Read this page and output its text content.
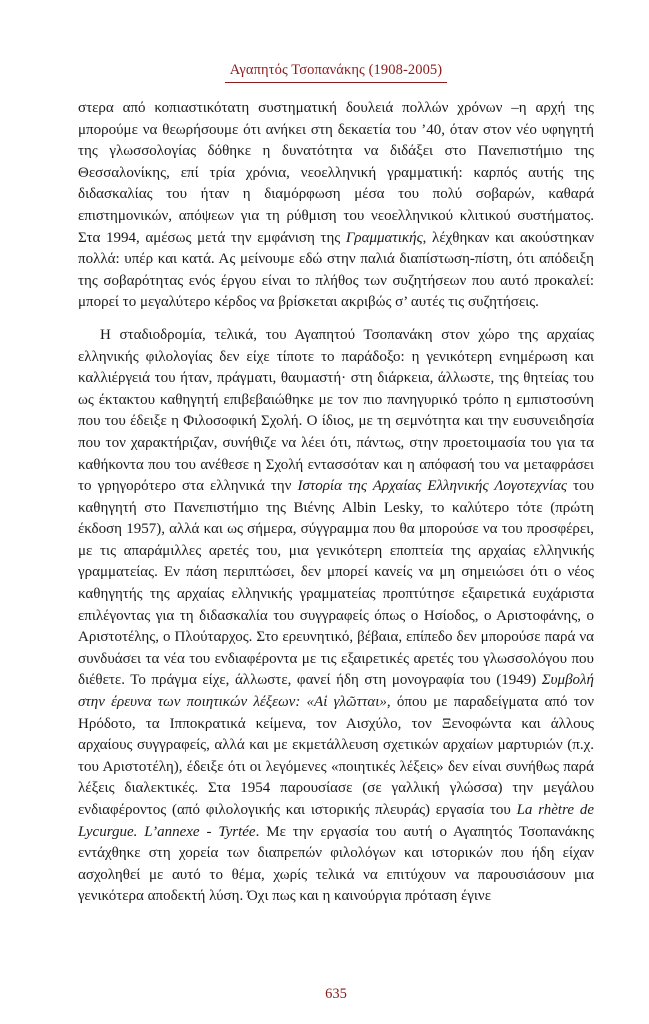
Αγαπητός Τσοπανάκης (1908-2005)

στερα από κοπιαστικότατη συστηματική δουλειά πολλών χρόνων –η αρχή της μπορούμε να θεωρήσουμε ότι ανήκει στη δεκαετία του ’40, όταν στον νέο υφηγητή της γλωσσολογίας δόθηκε η δυνατότητα να διδάξει στο Πανεπιστήμιο της Θεσσαλονίκης, επί τρία χρόνια, νεοελληνική γραμματική: καρπός αυτής της διδασκαλίας του ήταν η διαμόρφωση μέσα του πολύ σοβαρών, καθαρά επιστημονικών, απόψεων για τη ρύθμιση του νεοελληνικού κλιτικού συστήματος. Στα 1994, αμέσως μετά την εμφάνιση της Γραμματικής, λέχθηκαν και ακούστηκαν πολλά: υπέρ και κατά. Ας μείνουμε εδώ στην παλιά διαπίστωση-πίστη, ότι απόδειξη της σοβαρότητας ενός έργου είναι το πλήθος των συζητήσεων που αυτό προκαλεί: μπορεί το μεγαλύτερο κέρδος να βρίσκεται ακριβώς σ’ αυτές τις συζητήσεις.

Η σταδιοδρομία, τελικά, του Αγαπητού Τσοπανάκη στον χώρο της αρχαίας ελληνικής φιλολογίας δεν είχε τίποτε το παράδοξο: η γενικότερη ενημέρωση και καλλιέργειά του ήταν, πράγματι, θαυμαστή· στη διάρκεια, άλλωστε, της θητείας του ως έκτακτου καθηγητή επιβεβαιώθηκε με τον πιο πανηγυρικό τρόπο η εμπιστοσύνη που του έδειξε η Φιλοσοφική Σχολή. Ο ίδιος, με τη σεμνότητα και την ευσυνειδησία που τον χαρακτήριζαν, συνήθιζε να λέει ότι, πάντως, στην προετοιμασία του για τα καθήκοντα που του ανέθεσε η Σχολή εντασσόταν και η απόφασή του να μεταφράσει το γρηγορότερο στα ελληνικά την Ιστορία της Αρχαίας Ελληνικής Λογοτεχνίας του καθηγητή στο Πανεπιστήμιο της Βιένης Albin Lesky, το καλύτερο τότε (πρώτη έκδοση 1957), αλλά και ως σήμερα, σύγγραμμα που θα μπορούσε να του προσφέρει, με τις απαράμιλλες αρετές του, μια γενικότερη εποπτεία της αρχαίας ελληνικής γραμματείας. Εν πάση περιπτώσει, δεν μπορεί κανείς να μη σημειώσει ότι ο νέος καθηγητής της αρχαίας ελληνικής γραμματείας προπτύτησε εξαιρετικά ευχάριστα επιλέγοντας για τη διδασκαλία του συγγραφείς όπως ο Ησίοδος, ο Αριστοφάνης, ο Αριστοτέλης, ο Πλούταρχος. Στο ερευνητικό, βέβαια, επίπεδο δεν μπορούσε παρά να συνδυάσει τα νέα του ενδιαφέροντα με τις εξαιρετικές αρετές του γλωσσολόγου που διέθετε. Το πράγμα είχε, άλλωστε, φανεί ήδη στη μονογραφία του (1949) Συμβολή στην έρευνα των ποιητικών λέξεων: «Αἱ γλῶτται», όπου με παραδείγματα από τον Ηρόδοτο, τα Ιπποκρατικά κείμενα, τον Αισχύλο, τον Ξενοφώντα και άλλους αρχαίους συγγραφείς, αλλά και με εκμετάλλευση σχετικών αρχαίων μαρτυριών (π.χ. του Αριστοτέλη), έδειξε ότι οι λεγόμενες «ποιητικές λέξεις» δεν είναι συνήθως παρά λέξεις διαλεκτικές. Στα 1954 παρουσίασε (σε γαλλική γλώσσα) την μεγάλου ενδιαφέροντος (από φιλολογικής και ιστορικής πλευράς) εργασία του La rhètre de Lycurgue. L’annexe - Tyrtée. Με την εργασία του αυτή ο Αγαπητός Τσοπανάκης εντάχθηκε στη χορεία των διαπρεπών φιλολόγων και ιστορικών που ήδη είχαν ασχοληθεί με αυτό το θέμα, χωρίς τελικά να επιτύχουν να παρουσιάσουν μια γενικότερα αποδεκτή λύση. Όχι πως και η καινούργια πρόταση έγινε

635
